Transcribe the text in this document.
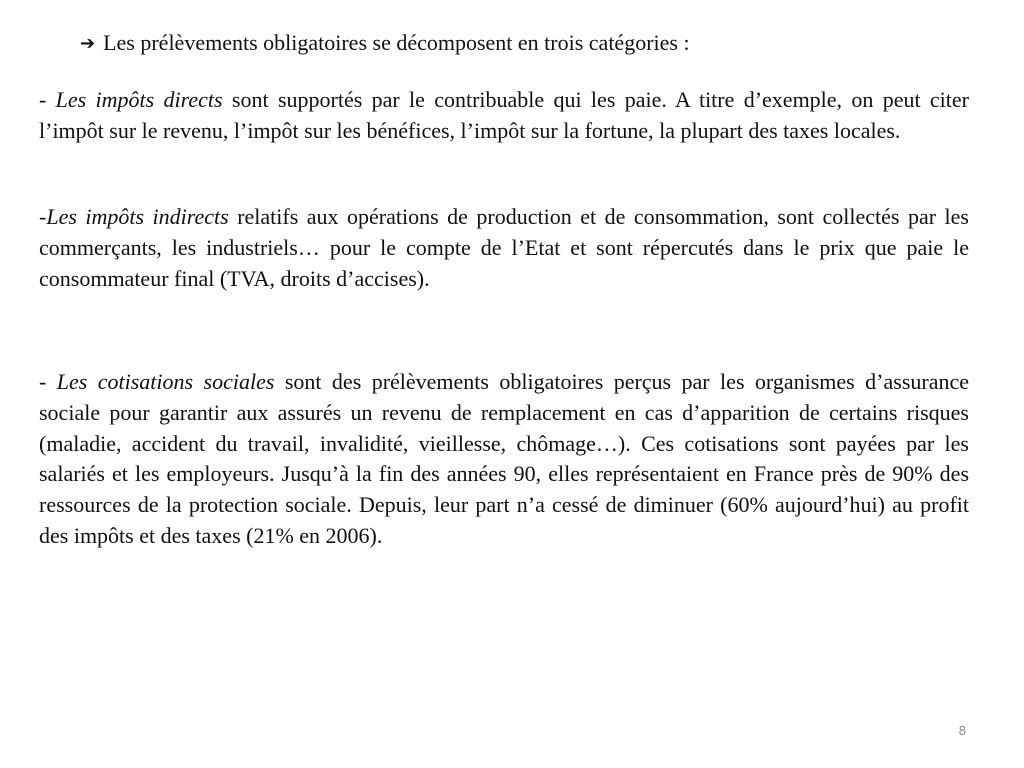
➔ Les prélèvements obligatoires se décomposent en trois catégories :
- Les impôts directs sont supportés par le contribuable qui les paie. A titre d’exemple, on peut citer l’impôt sur le revenu, l’impôt sur les bénéfices, l’impôt sur la fortune, la plupart des taxes locales.
-Les impôts indirects relatifs aux opérations de production et de consommation, sont collectés par les commerçants, les industriels… pour le compte de l’Etat et sont répercutés dans le prix que paie le consommateur final (TVA, droits d’accises).
- Les cotisations sociales sont des prélèvements obligatoires perçus par les organismes d’assurance sociale pour garantir aux assurés un revenu de remplacement en cas d’apparition de certains risques (maladie, accident du travail, invalidité, vieillesse, chômage…). Ces cotisations sont payées par les salariés et les employeurs. Jusqu’à la fin des années 90, elles représentaient en France près de 90% des ressources de la protection sociale. Depuis, leur part n’a cessé de diminuer (60% aujourd’hui) au profit des impôts et des taxes (21% en 2006).
8
